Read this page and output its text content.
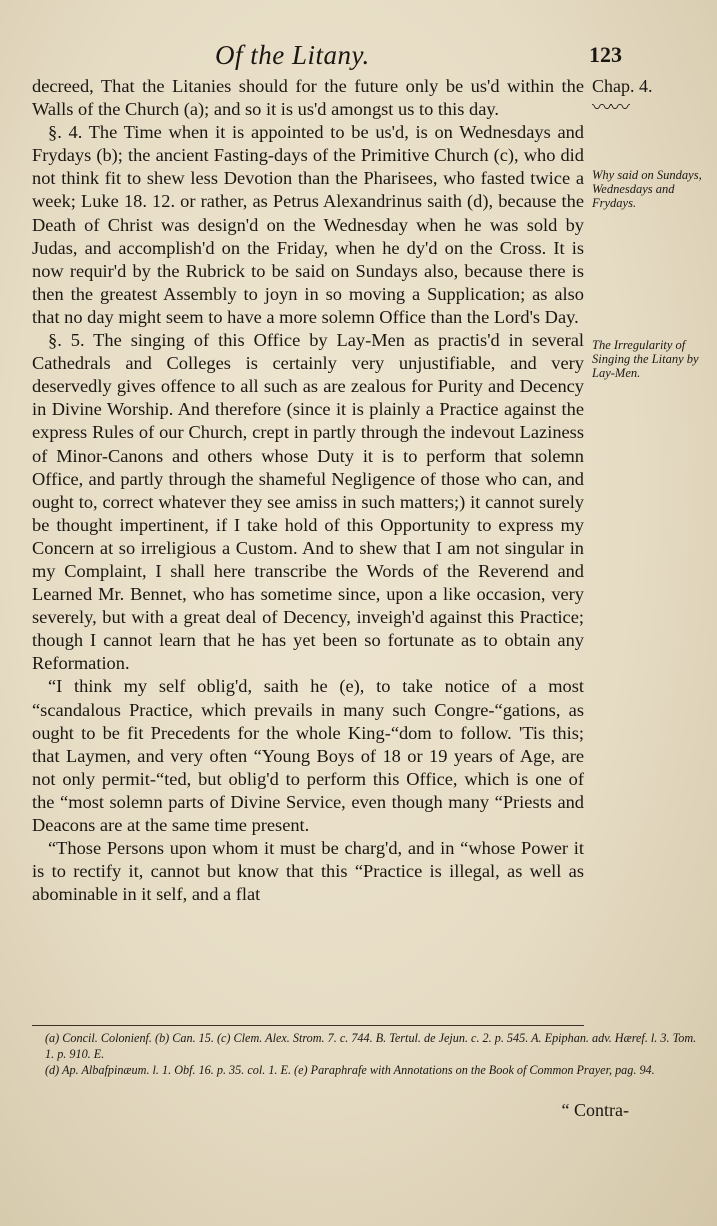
Of the Litany.	123

decreed, That the Litanies should for the future only be us'd within the Walls of the Church (a); and so it is us'd amongst us to this day.

§. 4. The Time when it is appointed to be us'd, is on Wednesdays and Frydays (b); the ancient Fasting-days of the Primitive Church (c), who did not think fit to shew less Devotion than the Pharisees, who fasted twice a week; Luke 18. 12. or rather, as Petrus Alexandrinus saith (d), because the Death of Christ was design'd on the Wednesday when he was sold by Judas, and accomplish'd on the Friday, when he dy'd on the Cross. It is now requir'd by the Rubrick to be said on Sundays also, because there is then the greatest Assembly to joyn in so moving a Supplication; as also that no day might seem to have a more solemn Office than the Lord's Day.

§. 5. The singing of this Office by Lay-Men as practis'd in several Cathedrals and Colleges is certainly very unjustifiable, and very deservedly gives offence to all such as are zealous for Purity and Decency in Divine Worship. And therefore (since it is plainly a Practice against the express Rules of our Church, crept in partly through the indevout Laziness of Minor-Canons and others whose Duty it is to perform that solemn Office, and partly through the shameful Negligence of those who can, and ought to, correct whatever they see amiss in such matters;) it cannot surely be thought impertinent, if I take hold of this Opportunity to express my Concern at so irreligious a Custom. And to shew that I am not singular in my Complaint, I shall here transcribe the Words of the Reverend and Learned Mr. Bennet, who has sometime since, upon a like occasion, very severely, but with a great deal of Decency, inveigh'd against this Practice; though I cannot learn that he has yet been so fortunate as to obtain any Reformation.

“I think my self oblig'd, saith he (e), to take notice of a most “scandalous Practice, which prevails in many such Congre-“gations, as ought to be fit Precedents for the whole King-“dom to follow. 'Tis this; that Laymen, and very often “Young Boys of 18 or 19 years of Age, are not only permit-“ted, but oblig'd to perform this Office, which is one of the “most solemn parts of Divine Service, even though many “Priests and Deacons are at the same time present.

“Those Persons upon whom it must be charg'd, and in “whose Power it is to rectify it, cannot but know that this “Practice is illegal, as well as abominable in it self, and a flat

Chap. 4.

〰〰

Why said on Sundays, Wednesdays and Frydays.

The Irregularity of Singing the Litany by Lay-Men.

(a) Concil. Colonienf. (b) Can. 15. (c) Clem. Alex. Strom. 7. c. 744. B. Tertul. de Jejun. c. 2. p. 545. A. Epiphan. adv. Hæref. l. 3. Tom. 1. p. 910. E.

(d) Ap. Albafpinæum. l. 1. Obf. 16. p. 35. col. 1. E. (e) Paraphrafe with Annotations on the Book of Common Prayer, pag. 94.

“ Contra-
